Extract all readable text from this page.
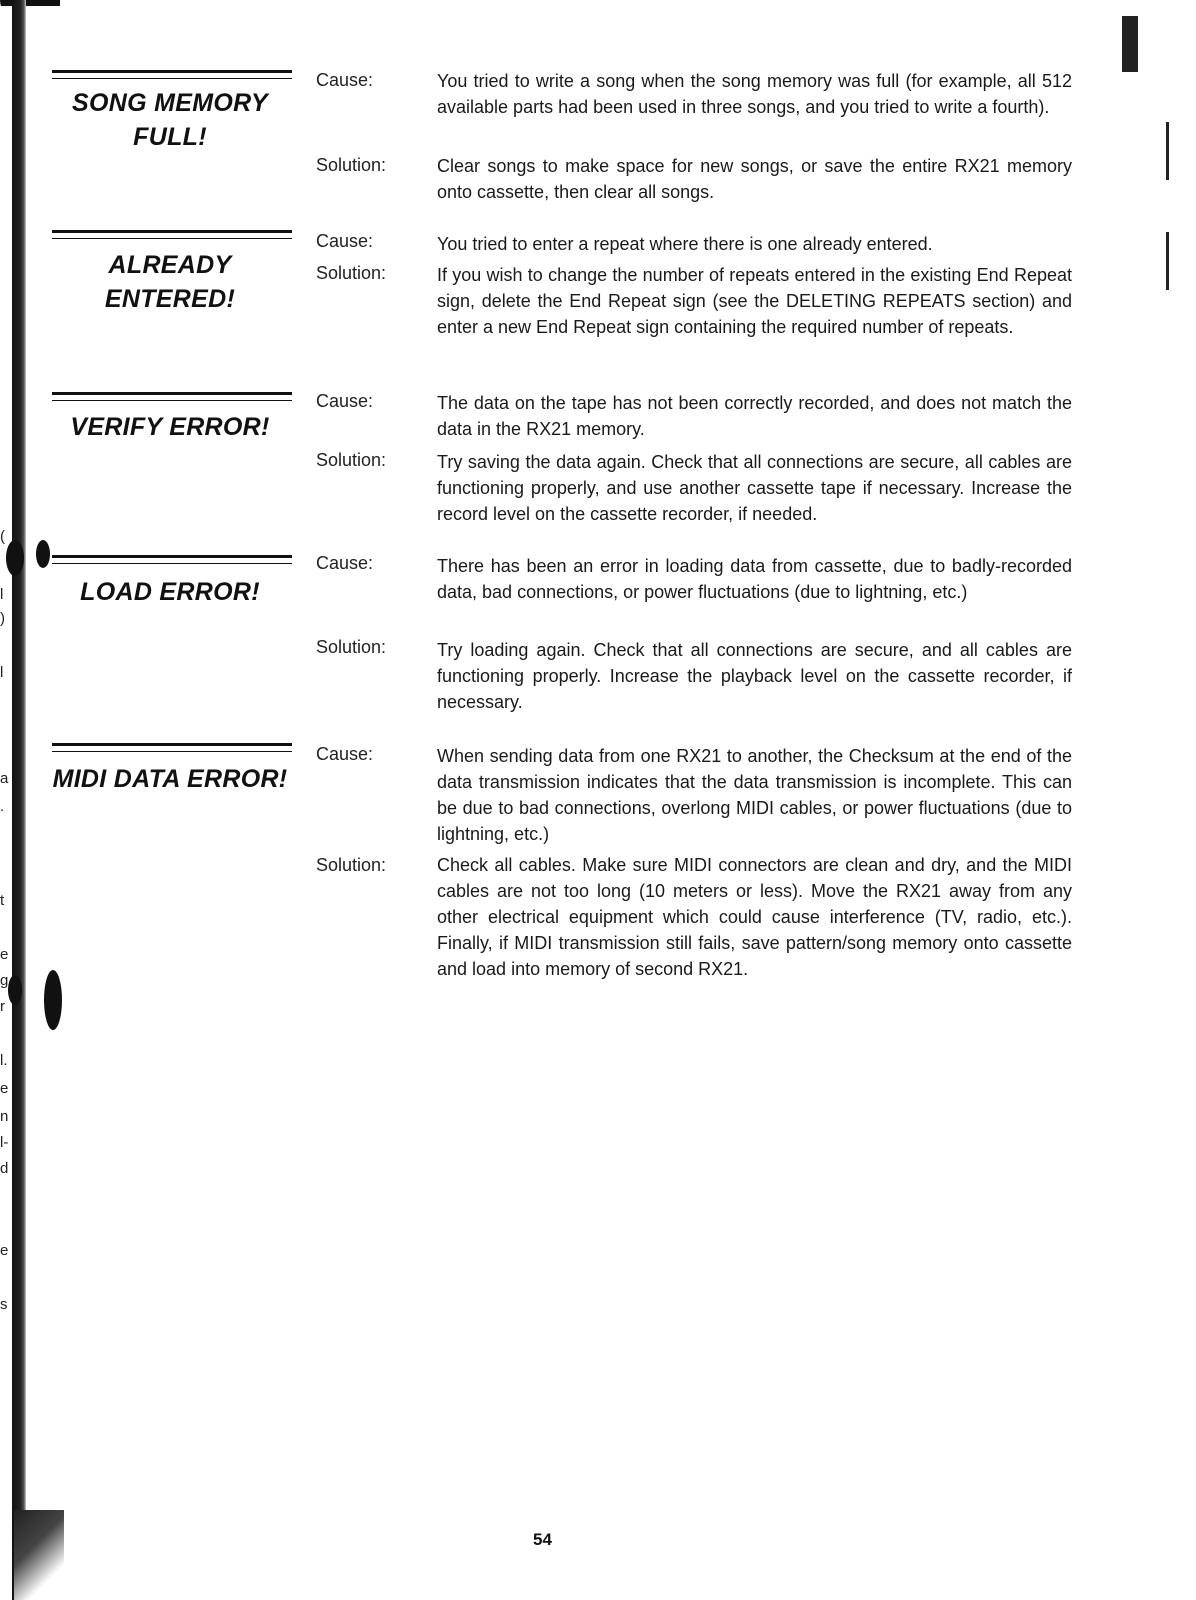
(
l
)
l
a
.
t
e
g
r
l.
e
n
l-
d
e
s
SONG MEMORY FULL!
Cause:	You tried to write a song when the song memory was full (for example, all 512 available parts had been used in three songs, and you tried to write a fourth).
Solution:	Clear songs to make space for new songs, or save the entire RX21 memory onto cassette, then clear all songs.
ALREADY ENTERED!
Cause:	You tried to enter a repeat where there is one already entered.
Solution:	If you wish to change the number of repeats entered in the existing End Repeat sign, delete the End Repeat sign (see the DELETING REPEATS section) and enter a new End Repeat sign containing the required number of repeats.
VERIFY ERROR!
Cause:	The data on the tape has not been correctly recorded, and does not match the data in the RX21 memory.
Solution:	Try saving the data again. Check that all connections are secure, all cables are functioning properly, and use another cassette tape if necessary. Increase the record level on the cassette recorder, if needed.
LOAD ERROR!
Cause:	There has been an error in loading data from cassette, due to badly-recorded data, bad connections, or power fluctuations (due to lightning, etc.)
Solution:	Try loading again. Check that all connections are secure, and all cables are functioning properly. Increase the playback level on the cassette recorder, if necessary.
MIDI DATA ERROR!
Cause:	When sending data from one RX21 to another, the Checksum at the end of the data transmission indicates that the data transmission is incomplete. This can be due to bad connections, overlong MIDI cables, or power fluctuations (due to lightning, etc.)
Solution:	Check all cables. Make sure MIDI connectors are clean and dry, and the MIDI cables are not too long (10 meters or less). Move the RX21 away from any other electrical equipment which could cause interference (TV, radio, etc.). Finally, if MIDI transmission still fails, save pattern/song memory onto cassette and load into memory of second RX21.
54
